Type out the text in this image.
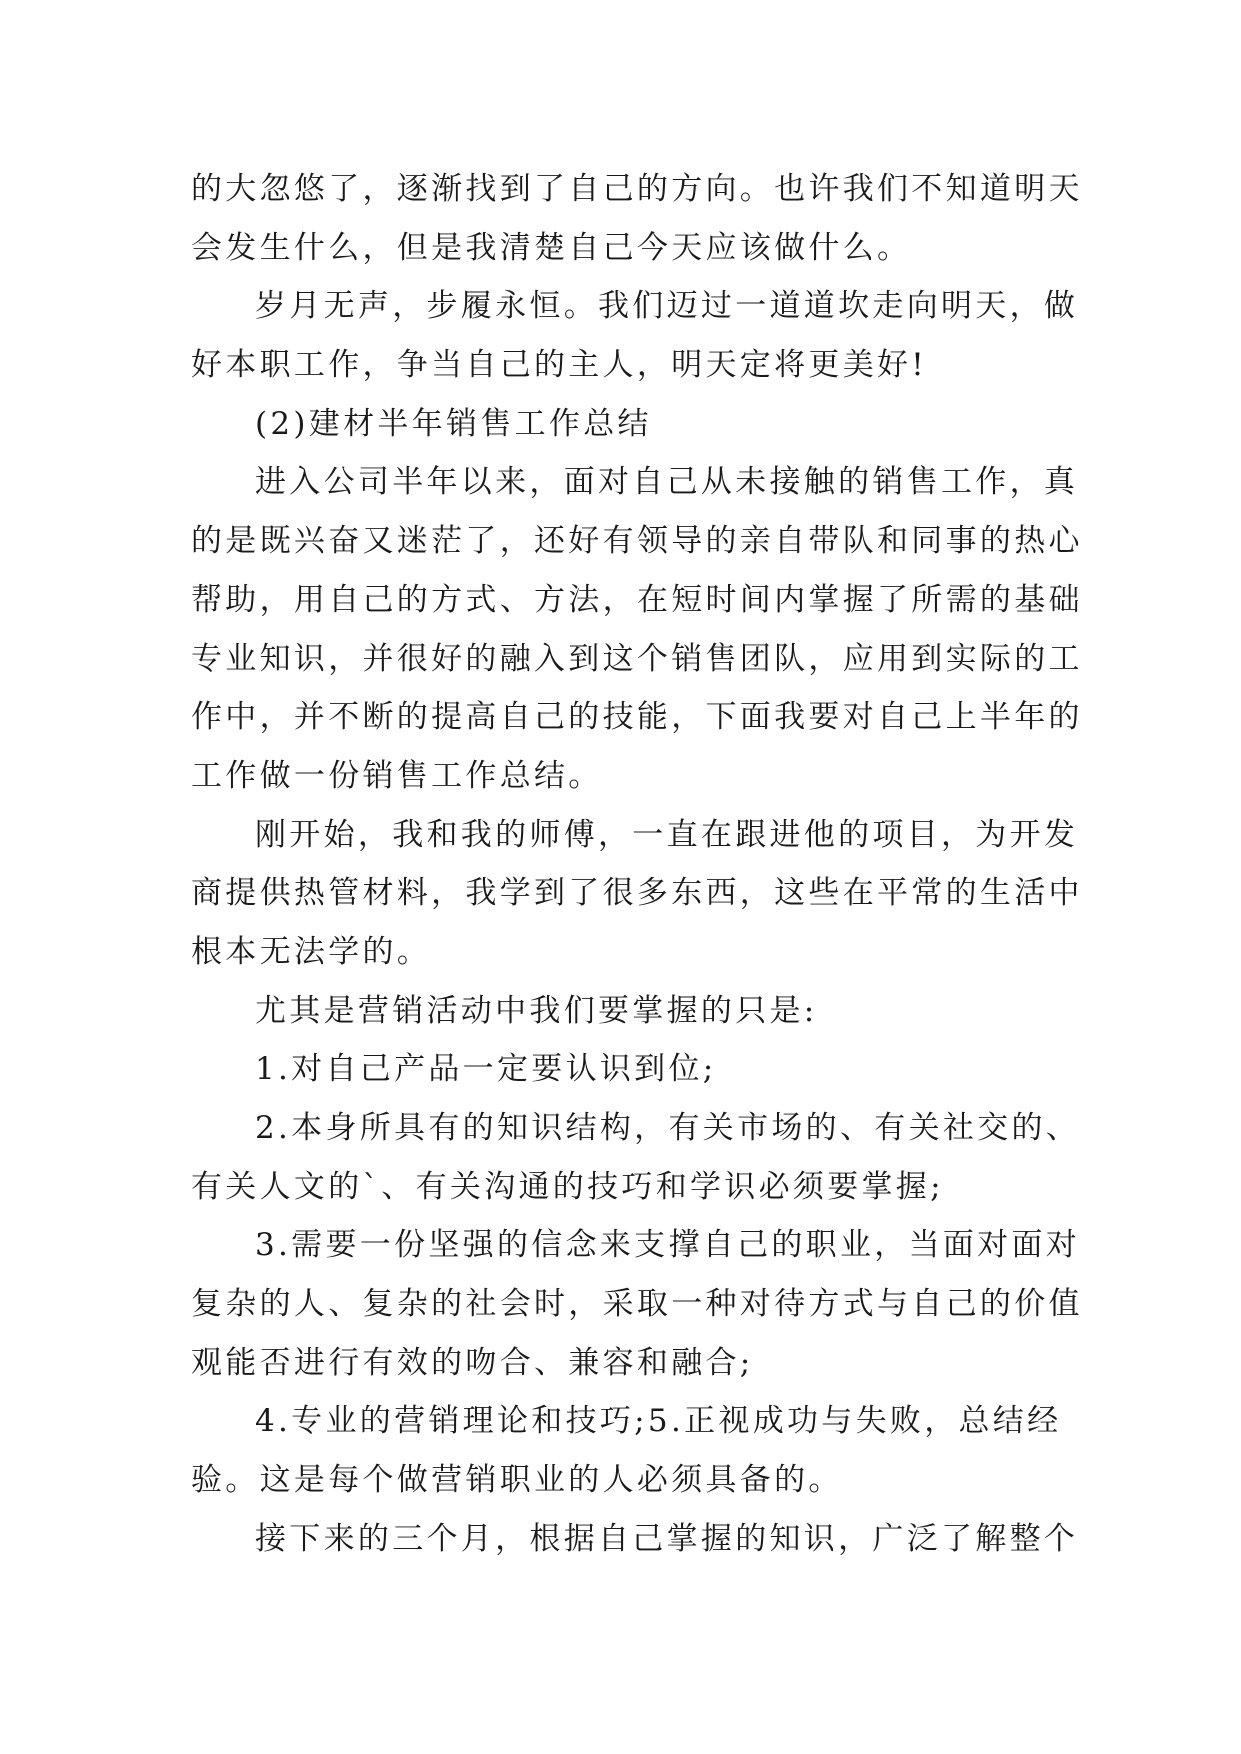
的大忽悠了，逐渐找到了自己的方向。也许我们不知道明天
会发生什么，但是我清楚自己今天应该做什么。
岁月无声，步履永恒。我们迈过一道道坎走向明天，做
好本职工作，争当自己的主人，明天定将更美好!
(2)建材半年销售工作总结
进入公司半年以来，面对自己从未接触的销售工作，真
的是既兴奋又迷茫了，还好有领导的亲自带队和同事的热心
帮助，用自己的方式、方法，在短时间内掌握了所需的基础
专业知识，并很好的融入到这个销售团队，应用到实际的工
作中，并不断的提高自己的技能，下面我要对自己上半年的
工作做一份销售工作总结。
刚开始，我和我的师傅，一直在跟进他的项目，为开发
商提供热管材料，我学到了很多东西，这些在平常的生活中
根本无法学的。
尤其是营销活动中我们要掌握的只是:
1.对自己产品一定要认识到位;
2.本身所具有的知识结构，有关市场的、有关社交的、
有关人文的`、有关沟通的技巧和学识必须要掌握;
3.需要一份坚强的信念来支撑自己的职业，当面对面对
复杂的人、复杂的社会时，采取一种对待方式与自己的价值
观能否进行有效的吻合、兼容和融合;
4.专业的营销理论和技巧;5.正视成功与失败，总结经
验。这是每个做营销职业的人必须具备的。
接下来的三个月，根据自己掌握的知识，广泛了解整个
